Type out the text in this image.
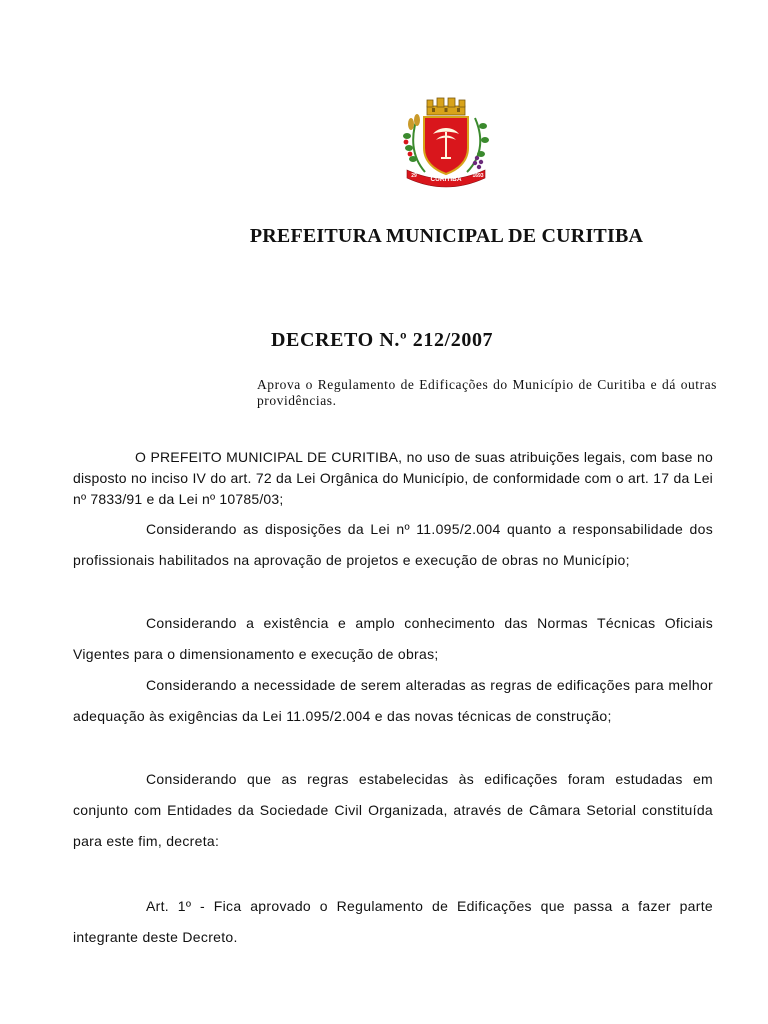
CURITIBA
29	1693
PREFEITURA MUNICIPAL DE CURITIBA
DECRETO N.º 212/2007
Aprova o Regulamento de Edificações do Município de Curitiba e dá outras providências.

O PREFEITO MUNICIPAL DE CURITIBA, no uso de suas atribuições legais, com base no disposto no inciso IV do art. 72 da Lei Orgânica do Município, de conformidade com o art. 17 da Lei nº 7833/91 e da Lei nº 10785/03;

Considerando as disposições da Lei nº 11.095/2.004 quanto a responsabilidade dos profissionais habilitados na aprovação de projetos e execução de obras no Município;

Considerando a existência e amplo conhecimento das Normas Técnicas Oficiais Vigentes para o dimensionamento e execução de obras;

Considerando a necessidade de serem alteradas as regras de edificações para melhor adequação às exigências da Lei 11.095/2.004 e das novas técnicas de construção;

Considerando que as regras estabelecidas às edificações foram estudadas em conjunto com Entidades da Sociedade Civil Organizada, através de Câmara Setorial constituída para este fim, decreta:

Art. 1º - Fica aprovado o Regulamento de Edificações que passa a fazer parte integrante deste Decreto.
